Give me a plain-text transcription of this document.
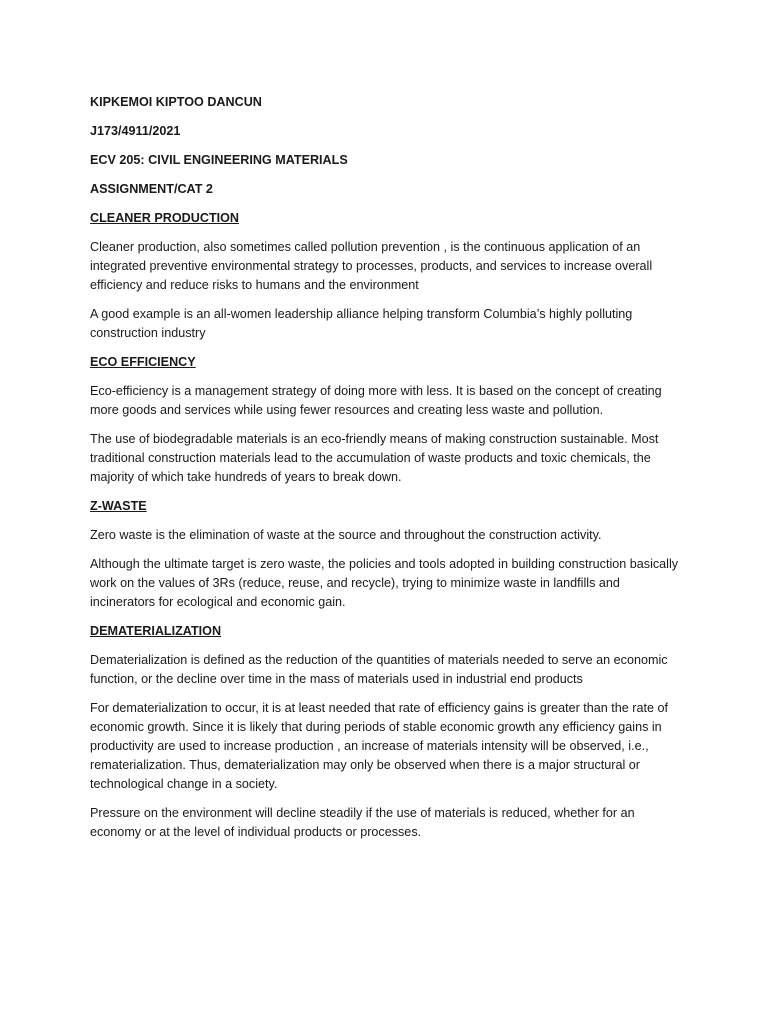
KIPKEMOI KIPTOO DANCUN
J173/4911/2021
ECV 205: CIVIL ENGINEERING MATERIALS
ASSIGNMENT/CAT 2
CLEANER PRODUCTION

Cleaner production, also sometimes called pollution prevention , is the continuous application of an integrated preventive environmental strategy to processes, products, and services to increase overall efficiency and reduce risks to humans and the environment

A good example is an all-women leadership alliance helping transform Columbia’s highly polluting construction industry

ECO EFFICIENCY

Eco-efficiency is a management strategy of doing more with less. It is based on the concept of creating more goods and services while using fewer resources and creating less waste and pollution.

The use of biodegradable materials is an eco-friendly means of making construction sustainable. Most traditional construction materials lead to the accumulation of waste products and toxic chemicals, the majority of which take hundreds of years to break down.

Z-WASTE

Zero waste is the elimination of waste at the source and throughout the construction activity.

Although the ultimate target is zero waste, the policies and tools adopted in building construction basically work on the values of 3Rs (reduce, reuse, and recycle), trying to minimize waste in landfills and incinerators for ecological and economic gain.

DEMATERIALIZATION

Dematerialization is defined as the reduction of the quantities of materials needed to serve an economic function, or the decline over time in the mass of materials used in industrial end products

For dematerialization to occur, it is at least needed that rate of efficiency gains is greater than the rate of economic growth. Since it is likely that during periods of stable economic growth any efficiency gains in productivity are used to increase production , an increase of materials intensity will be observed, i.e., rematerialization. Thus, dematerialization may only be observed when there is a major structural or technological change in a society.

Pressure on the environment will decline steadily if the use of materials is reduced, whether for an economy or at the level of individual products or processes.
